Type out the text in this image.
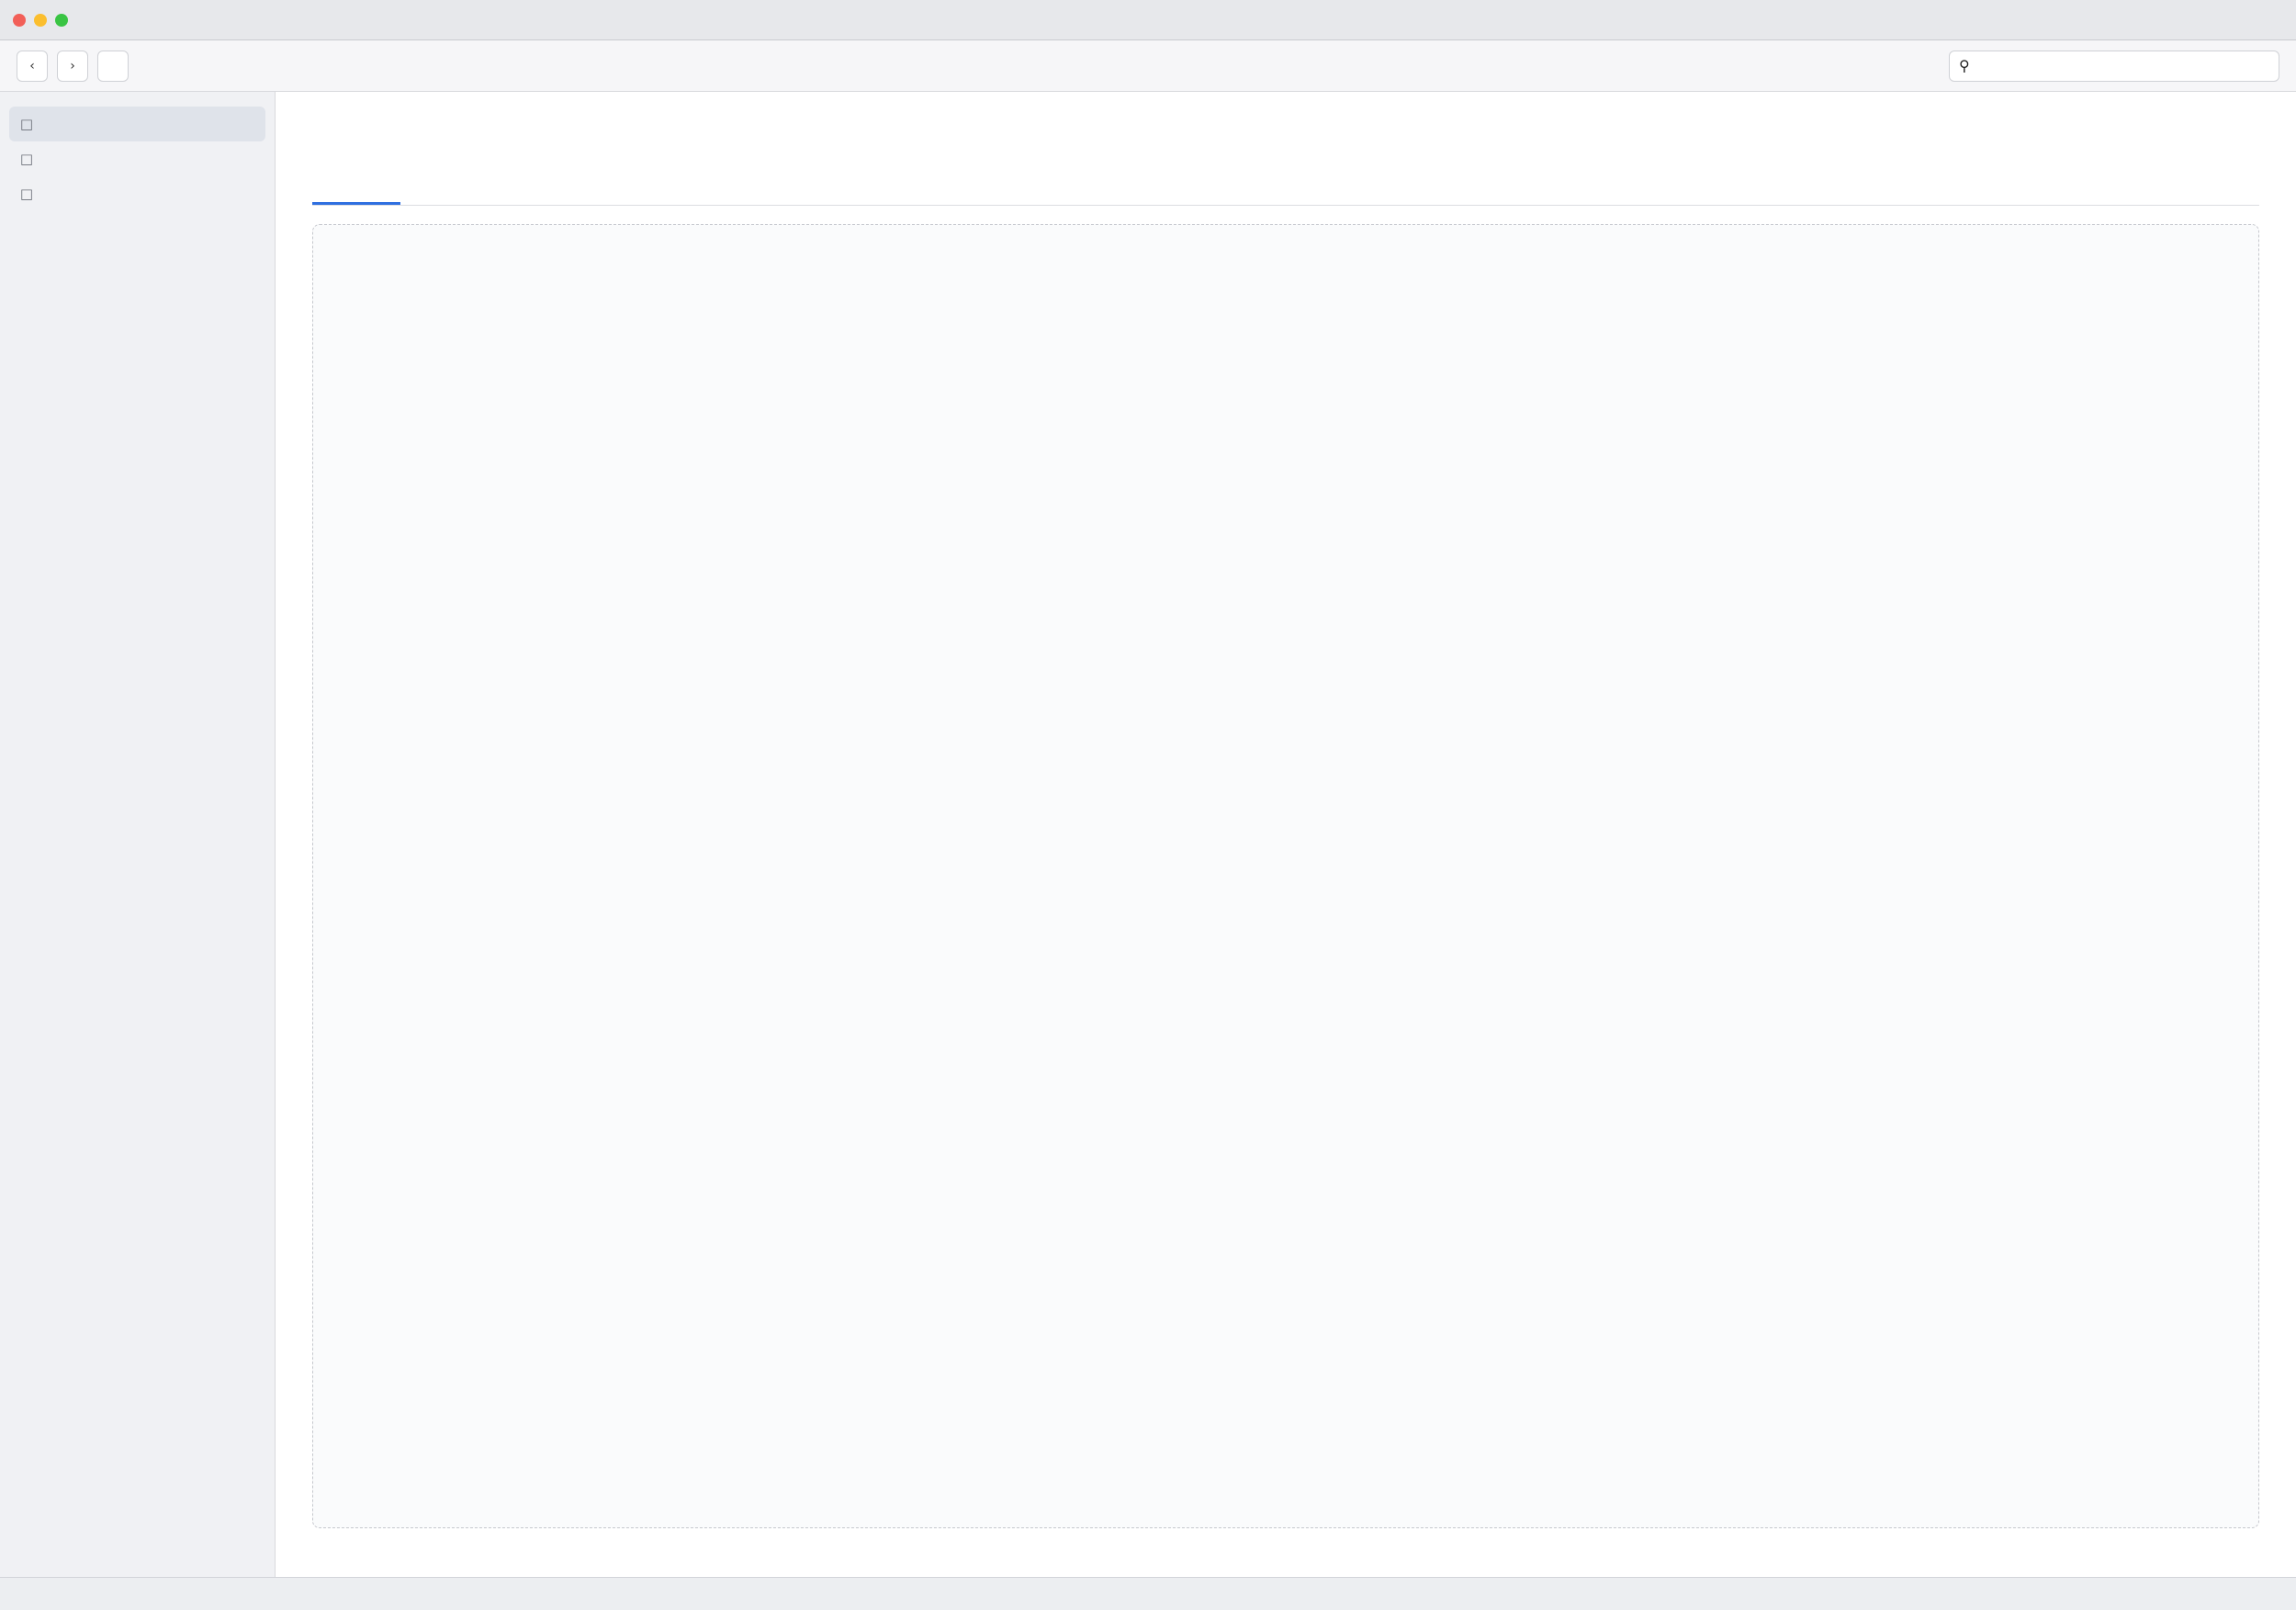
‹	›	⚲
□
□
□
